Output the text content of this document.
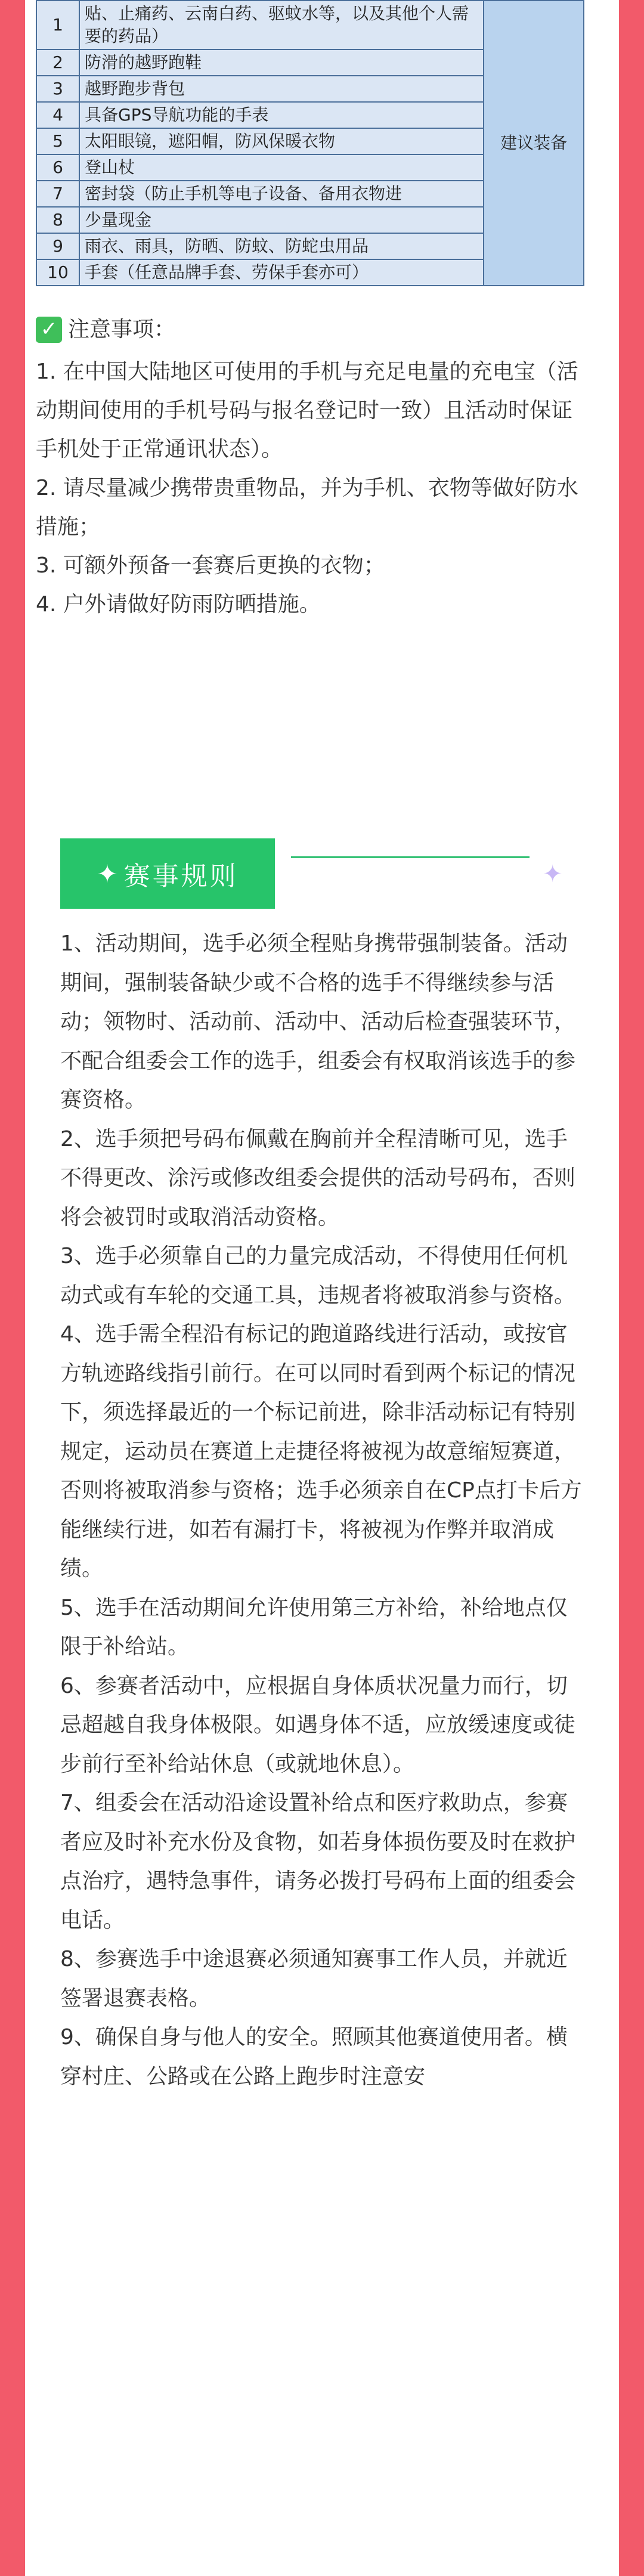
1	贴、止痛药、云南白药、驱蚊水等，以及其他个人需要的药品）	建议装备
2	防滑的越野跑鞋	
3	越野跑步背包	
4	具备GPS导航功能的手表	
5	太阳眼镜，遮阳帽，防风保暖衣物	
6	登山杖	
7	密封袋（防止手机等电子设备、备用衣物进	
8	少量现金	
9	雨衣、雨具，防晒、防蚊、防蛇虫用品	
10	手套（任意品牌手套、劳保手套亦可）	
✓ 注意事项：

1. 在中国大陆地区可使用的手机与充足电量的充电宝（活动期间使用的手机号码与报名登记时一致）且活动时保证手机处于正常通讯状态）。

2. 请尽量减少携带贵重物品，并为手机、衣物等做好防水措施；

3. 可额外预备一套赛后更换的衣物；

4. 户外请做好防雨防晒措施。

✦ 赛事规则	✦

1、活动期间，选手必须全程贴身携带强制装备。活动期间，强制装备缺少或不合格的选手不得继续参与活动；领物时、活动前、活动中、活动后检查强装环节，不配合组委会工作的选手，组委会有权取消该选手的参赛资格。

2、选手须把号码布佩戴在胸前并全程清晰可见，选手不得更改、涂污或修改组委会提供的活动号码布，否则将会被罚时或取消活动资格。

3、选手必须靠自己的力量完成活动，不得使用任何机动式或有车轮的交通工具，违规者将被取消参与资格。

4、选手需全程沿有标记的跑道路线进行活动，或按官方轨迹路线指引前行。在可以同时看到两个标记的情况下，须选择最近的一个标记前进，除非活动标记有特别规定，运动员在赛道上走捷径将被视为故意缩短赛道，否则将被取消参与资格；选手必须亲自在CP点打卡后方能继续行进，如若有漏打卡，将被视为作弊并取消成绩。

5、选手在活动期间允许使用第三方补给，补给地点仅限于补给站。

6、参赛者活动中，应根据自身体质状况量力而行，切忌超越自我身体极限。如遇身体不适，应放缓速度或徒步前行至补给站休息（或就地休息）。

7、组委会在活动沿途设置补给点和医疗救助点，参赛者应及时补充水份及食物，如若身体损伤要及时在救护点治疗，遇特急事件，请务必拨打号码布上面的组委会电话。

8、参赛选手中途退赛必须通知赛事工作人员，并就近签署退赛表格。

9、确保自身与他人的安全。照顾其他赛道使用者。横穿村庄、公路或在公路上跑步时注意安
